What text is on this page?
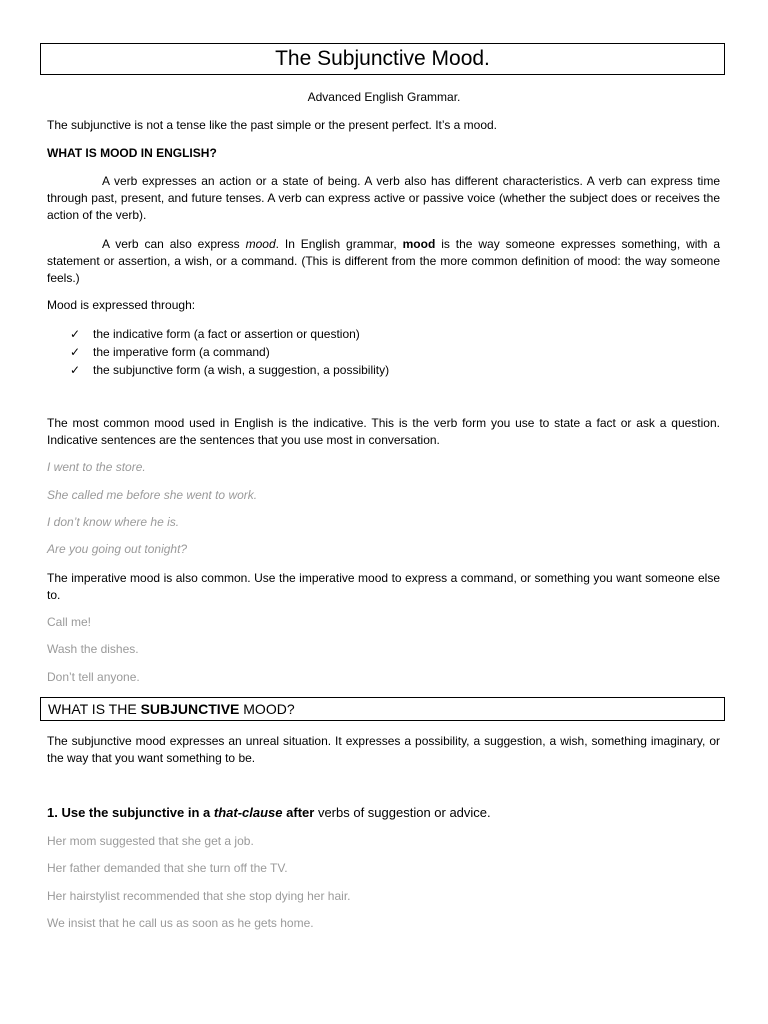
The Subjunctive Mood.
Advanced English Grammar.
The subjunctive is not a tense like the past simple or the present perfect. It’s a mood.
WHAT IS MOOD IN ENGLISH?
A verb expresses an action or a state of being. A verb also has different characteristics. A verb can express time through past, present, and future tenses. A verb can express active or passive voice (whether the subject does or receives the action of the verb).
A verb can also express mood. In English grammar, mood is the way someone expresses something, with a statement or assertion, a wish, or a command. (This is different from the more common definition of mood: the way someone feels.)
Mood is expressed through:
✓ the indicative form (a fact or assertion or question)
✓ the imperative form (a command)
✓ the subjunctive form (a wish, a suggestion, a possibility)
The most common mood used in English is the indicative. This is the verb form you use to state a fact or ask a question. Indicative sentences are the sentences that you use most in conversation.
I went to the store.
She called me before she went to work.
I don’t know where he is.
Are you going out tonight?
The imperative mood is also common. Use the imperative mood to express a command, or something you want someone else to.
Call me!
Wash the dishes.
Don’t tell anyone.
WHAT IS THE SUBJUNCTIVE MOOD?
The subjunctive mood expresses an unreal situation. It expresses a possibility, a suggestion, a wish, something imaginary, or the way that you want something to be.
1. Use the subjunctive in a that-clause after verbs of suggestion or advice.
Her mom suggested that she get a job.
Her father demanded that she turn off the TV.
Her hairstylist recommended that she stop dying her hair.
We insist that he call us as soon as he gets home.
